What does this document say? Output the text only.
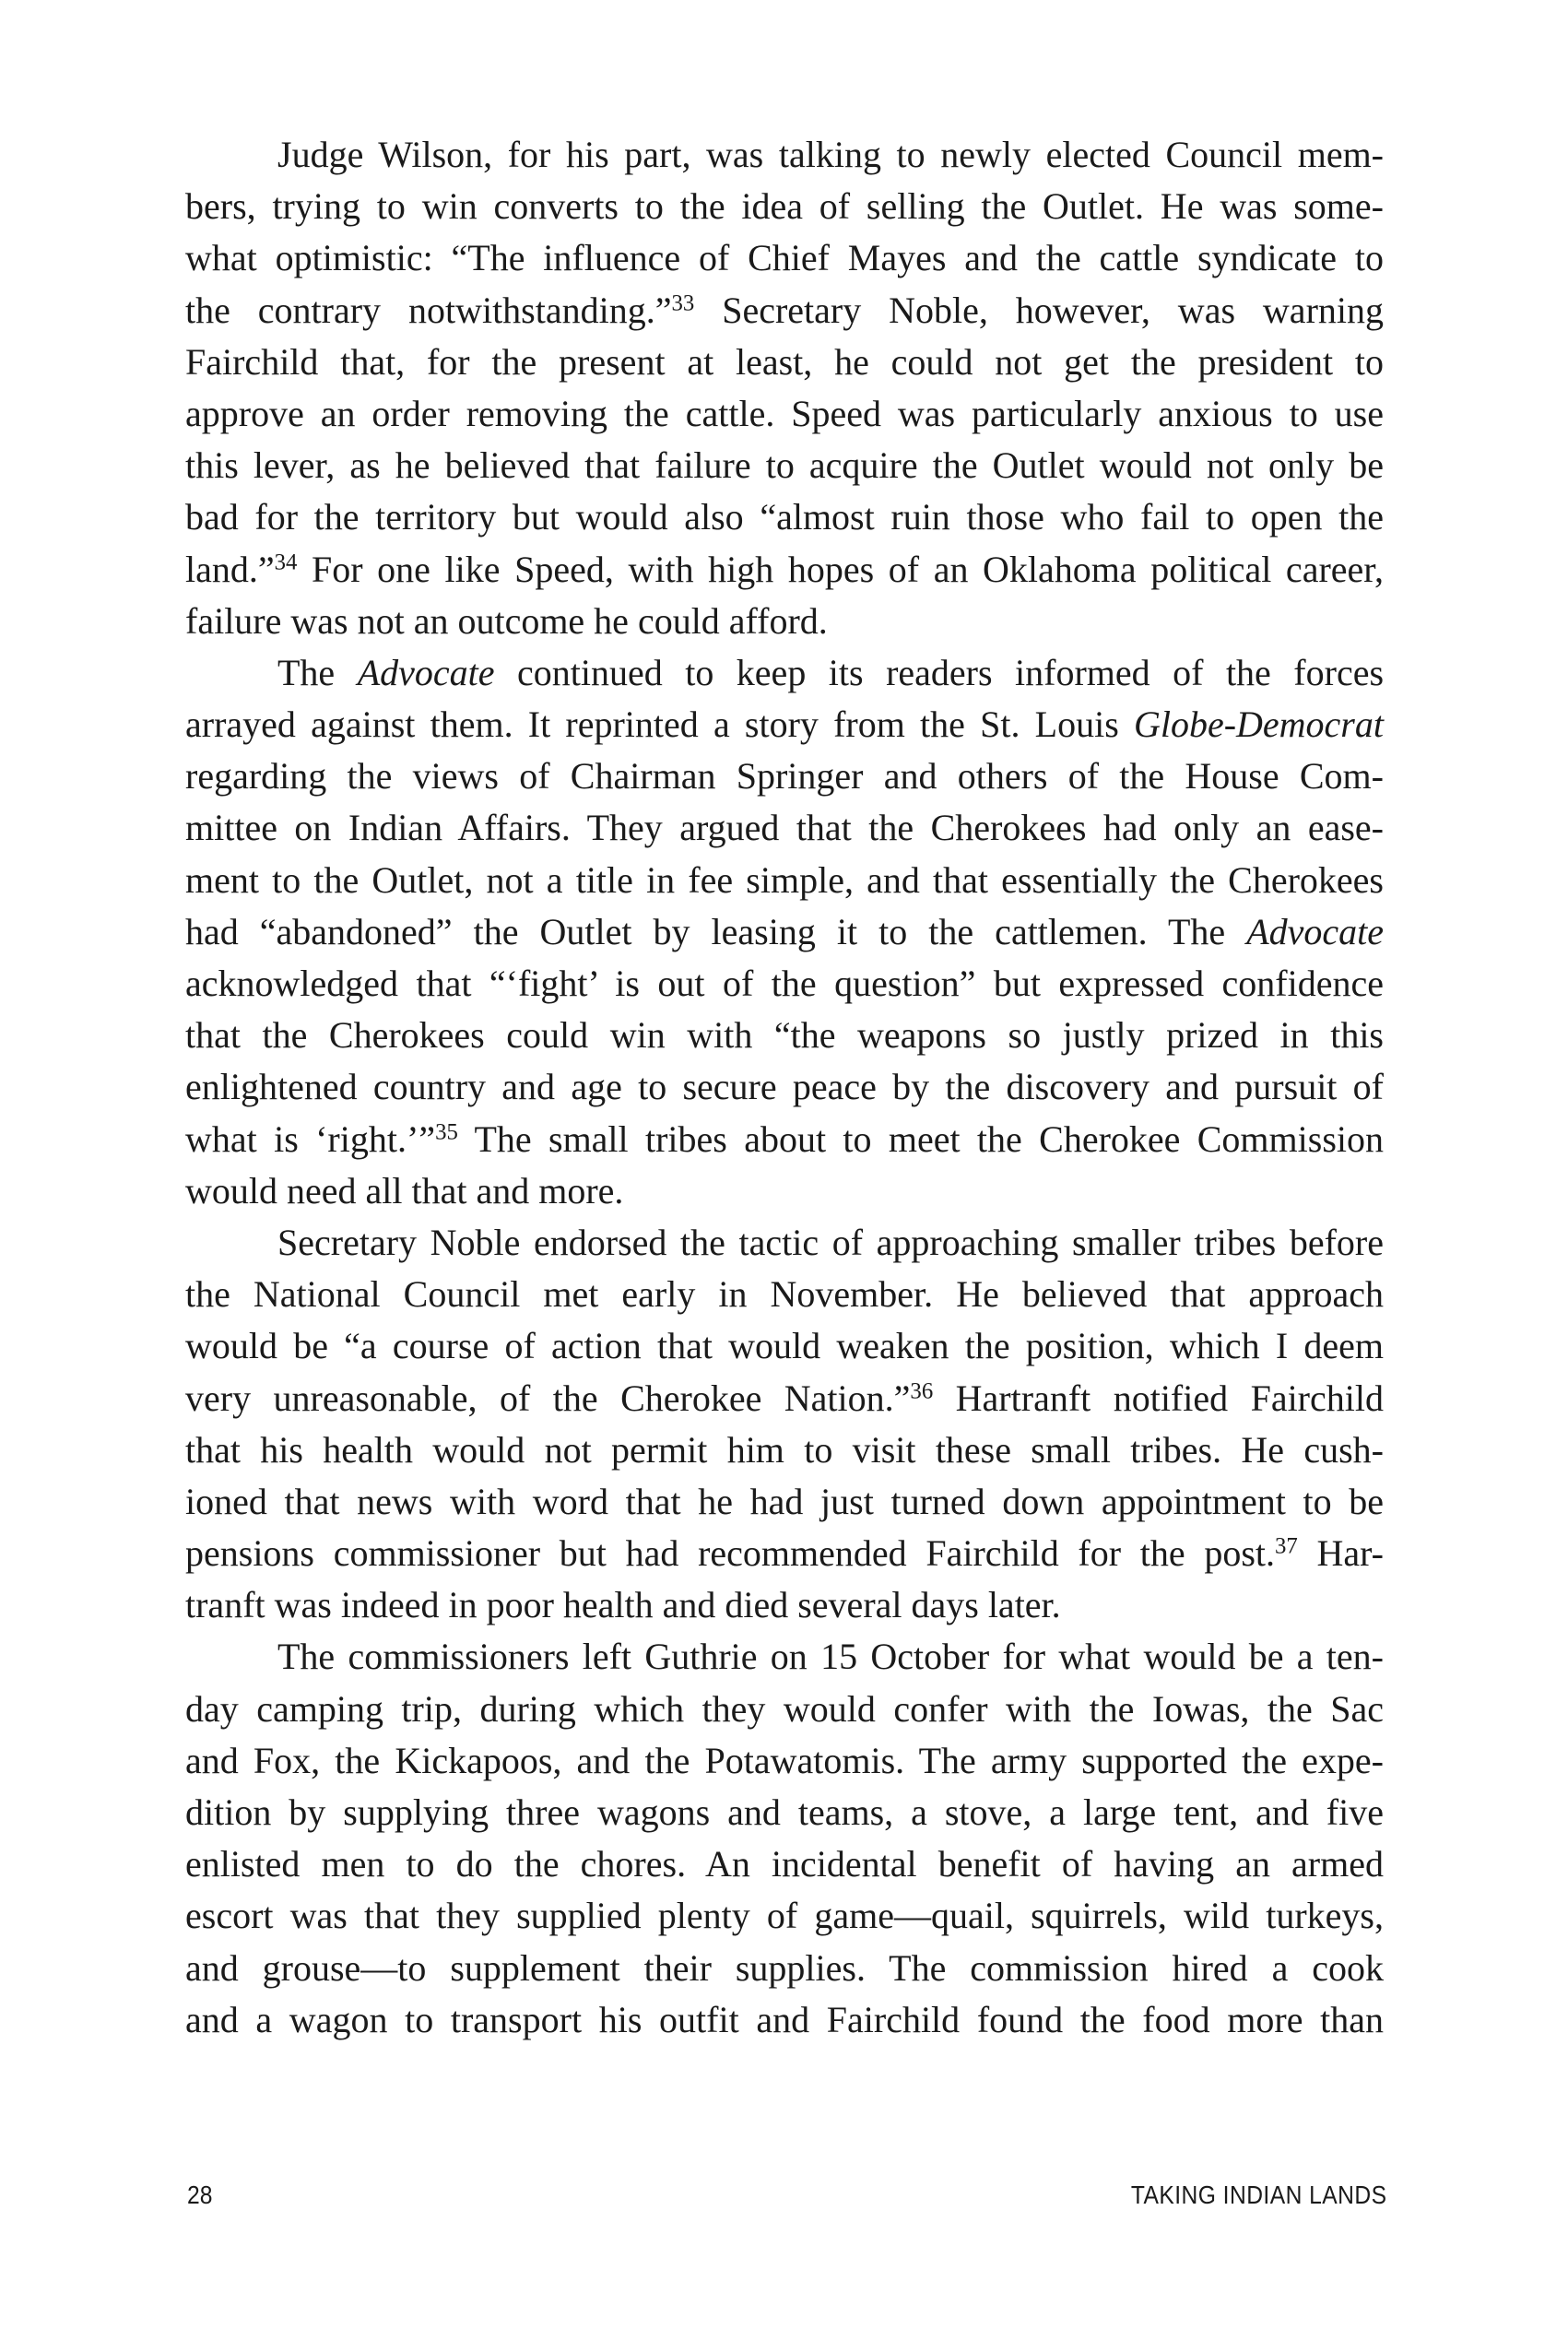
Judge Wilson, for his part, was talking to newly elected Council mem-
bers, trying to win converts to the idea of selling the Outlet. He was some-
what optimistic: “The influence of Chief Mayes and the cattle syndicate to
the contrary notwithstanding.”$^{33}$ Secretary Noble, however, was warning
Fairchild that, for the present at least, he could not get the president to
approve an order removing the cattle. Speed was particularly anxious to use
this lever, as he believed that failure to acquire the Outlet would not only be
bad for the territory but would also “almost ruin those who fail to open the
land.”$^{34}$ For one like Speed, with high hopes of an Oklahoma political career,
failure was not an outcome he could afford.
The Advocate continued to keep its readers informed of the forces
arrayed against them. It reprinted a story from the St. Louis Globe-Democrat
regarding the views of Chairman Springer and others of the House Com-
mittee on Indian Affairs. They argued that the Cherokees had only an ease-
ment to the Outlet, not a title in fee simple, and that essentially the Cherokees
had “abandoned” the Outlet by leasing it to the cattlemen. The Advocate
acknowledged that “‘fight’ is out of the question” but expressed confidence
that the Cherokees could win with “the weapons so justly prized in this
enlightened country and age to secure peace by the discovery and pursuit of
what is ‘right.’”$^{35}$ The small tribes about to meet the Cherokee Commission
would need all that and more.
Secretary Noble endorsed the tactic of approaching smaller tribes before
the National Council met early in November. He believed that approach
would be “a course of action that would weaken the position, which I deem
very unreasonable, of the Cherokee Nation.”$^{36}$ Hartranft notified Fairchild
that his health would not permit him to visit these small tribes. He cush-
ioned that news with word that he had just turned down appointment to be
pensions commissioner but had recommended Fairchild for the post.$^{37}$ Har-
tranft was indeed in poor health and died several days later.
The commissioners left Guthrie on 15 October for what would be a ten-
day camping trip, during which they would confer with the Iowas, the Sac
and Fox, the Kickapoos, and the Potawatomis. The army supported the expe-
dition by supplying three wagons and teams, a stove, a large tent, and five
enlisted men to do the chores. An incidental benefit of having an armed
escort was that they supplied plenty of game—quail, squirrels, wild turkeys,
and grouse—to supplement their supplies. The commission hired a cook
and a wagon to transport his outfit and Fairchild found the food more than
28	TAKING INDIAN LANDS
